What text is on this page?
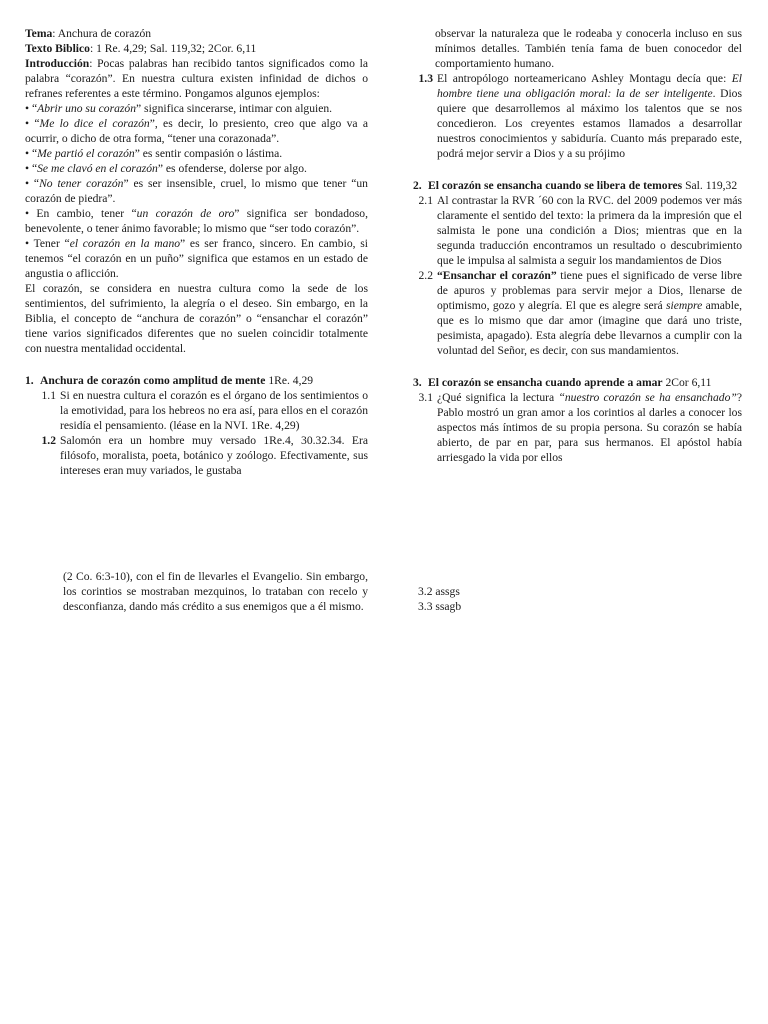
Tema: Anchura de corazón

Texto Biblico: 1 Re. 4,29; Sal. 119,32; 2Cor. 6,11

Introducción: Pocas palabras han recibido tantos significados como la palabra “corazón”. En nuestra cultura existen infinidad de dichos o refranes referentes a este término. Pongamos algunos ejemplos:

• “Abrir uno su corazón” significa sincerarse, intimar con alguien.

• “Me lo dice el corazón”, es decir, lo presiento, creo que algo va a ocurrir, o dicho de otra forma, “tener una corazonada”.

• “Me partió el corazón” es sentir compasión o lástima.

• “Se me clavó en el corazón” es ofenderse, dolerse por algo.

• “No tener corazón” es ser insensible, cruel, lo mismo que tener “un corazón de piedra”.

• En cambio, tener “un corazón de oro” significa ser bondadoso, benevolente, o tener ánimo favorable; lo mismo que “ser todo corazón”.

• Tener “el corazón en la mano” es ser franco, sincero. En cambio, si tenemos “el corazón en un puño” significa que estamos en un estado de angustia o aflicción.

El corazón, se considera en nuestra cultura como la sede de los sentimientos, del sufrimiento, la alegría o el deseo. Sin embargo, en la Biblia, el concepto de “anchura de corazón” o “ensanchar el corazón” tiene varios significados diferentes que no suelen coincidir totalmente con nuestra mentalidad occidental.

1. Anchura de corazón como amplitud de mente 1Re. 4,29
1.1 Si en nuestra cultura el corazón es el órgano de los sentimientos o la emotividad, para los hebreos no era así, para ellos en el corazón residía el pensamiento. (léase en la NVI. 1Re. 4,29)
1.2 Salomón era un hombre muy versado 1Re.4, 30.32.34. Era filósofo, moralista, poeta, botánico y zoólogo. Efectivamente, sus intereses eran muy variados, le gustaba

(2 Co. 6:3-10), con el fin de llevarles el Evangelio. Sin embargo, los corintios se mostraban mezquinos, lo trataban con recelo y desconfianza, dando más crédito a sus enemigos que a él mismo.

observar la naturaleza que le rodeaba y conocerla incluso en sus mínimos detalles. También tenía fama de buen conocedor del comportamiento humano.

1.3 El antropólogo norteamericano Ashley Montagu decía que: El hombre tiene una obligación moral: la de ser inteligente. Dios quiere que desarrollemos al máximo los talentos que se nos concedieron. Los creyentes estamos llamados a desarrollar nuestros conocimientos y sabiduría. Cuanto más preparado este, podrá mejor servir a Dios y a su prójimo
2. El corazón se ensancha cuando se libera de temores Sal. 119,32
2.1 Al contrastar la RVR ´60 con la RVC. del 2009 podemos ver más claramente el sentido del texto: la primera da la impresión que el salmista le pone una condición a Dios; mientras que en la segunda traducción encontramos un resultado o descubrimiento que le impulsa al salmista a seguir los mandamientos de Dios
2.2 “Ensanchar el corazón” tiene pues el significado de verse libre de apuros y problemas para servir mejor a Dios, llenarse de optimismo, gozo y alegría. El que es alegre será siempre amable, que es lo mismo que dar amor (imagine que dará uno triste, pesimista, apagado). Esta alegría debe llevarnos a cumplir con la voluntad del Señor, es decir, con sus mandamientos.
3. El corazón se ensancha cuando aprende a amar 2Cor 6,11
3.1 ¿Qué significa la lectura “nuestro corazón se ha ensanchado”? Pablo mostró un gran amor a los corintios al darles a conocer los aspectos más íntimos de su propia persona. Su corazón se había abierto, de par en par, para sus hermanos. El apóstol había arriesgado la vida por ellos

3.2 assgs

3.3 ssagb
